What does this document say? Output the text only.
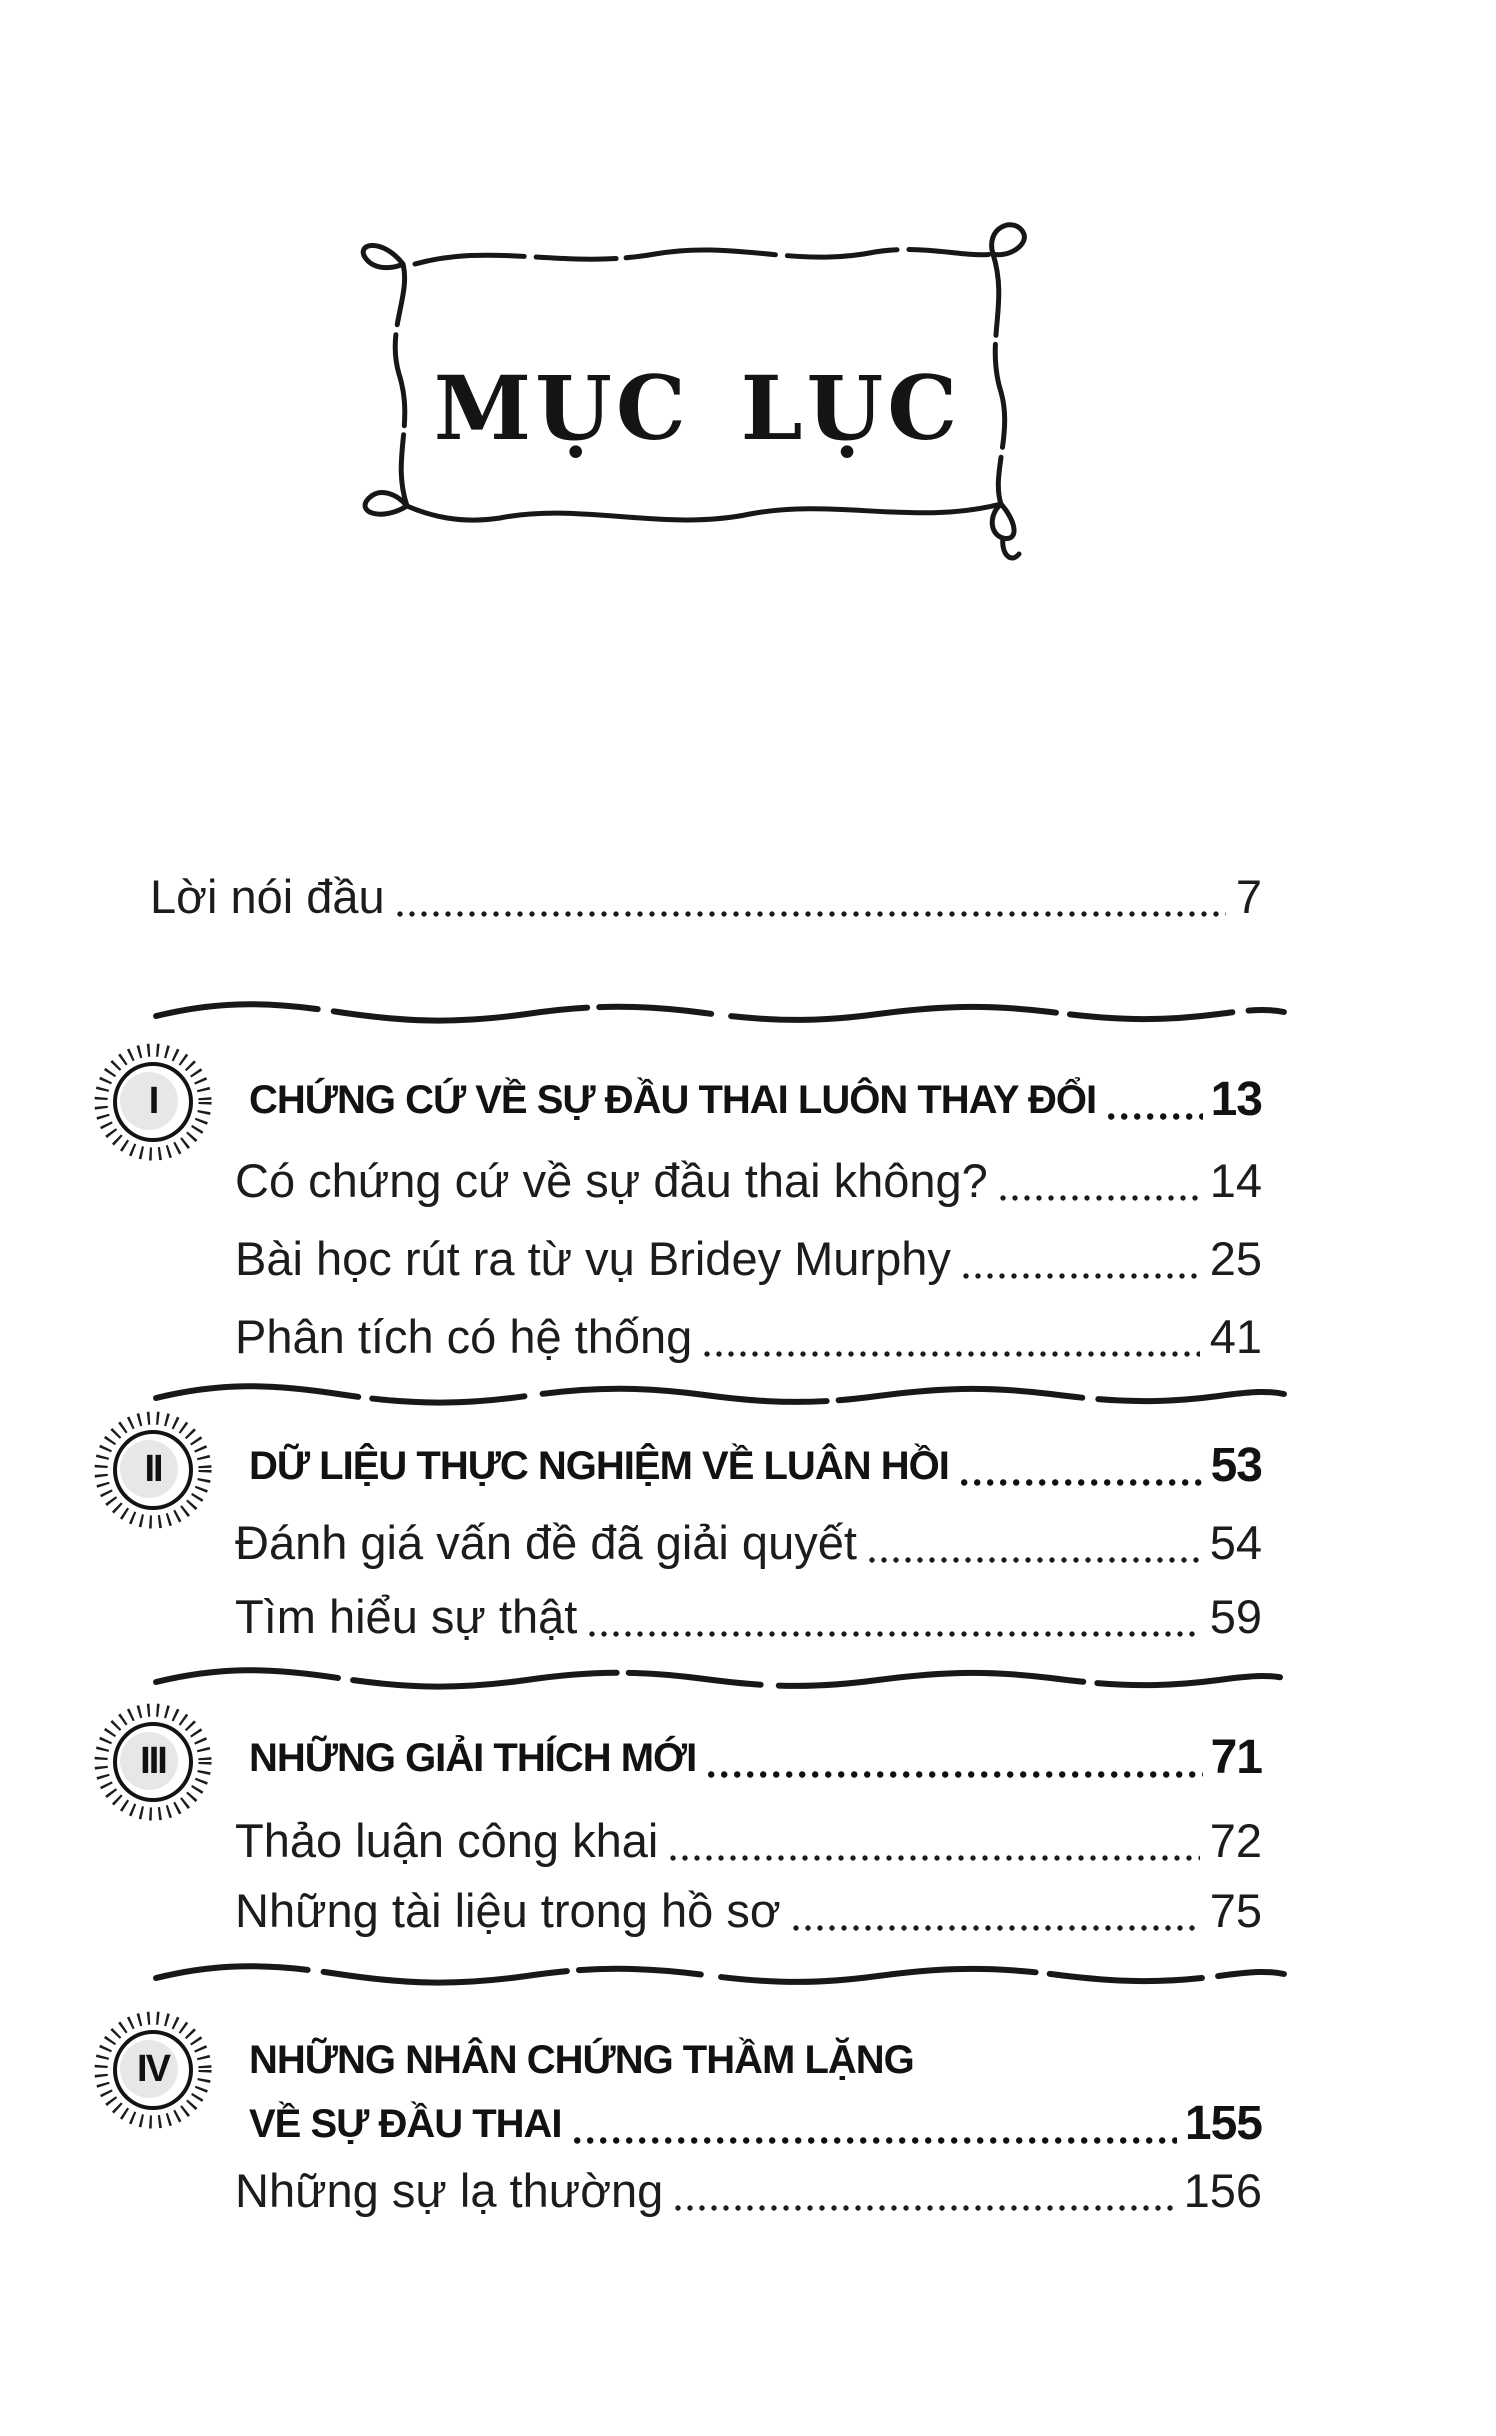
MỤC LỤC
Lời nói đầu	7
I	CHỨNG CỨ VỀ SỰ ĐẦU THAI LUÔN THAY ĐỔI 13
Có chứng cứ về sự đầu thai không?	14
Bài học rút ra từ vụ Bridey Murphy	25
Phân tích có hệ thống	41
II	DỮ LIỆU THỰC NGHIỆM VỀ LUÂN HỒI	53
Đánh giá vấn đề đã giải quyết	54
Tìm hiểu sự thật	59
III	NHỮNG GIẢI THÍCH MỚI	71
Thảo luận công khai	72
Những tài liệu trong hồ sơ	75
IV	NHỮNG NHÂN CHỨNG THẦM LẶNG
VỀ SỰ ĐẦU THAI	155
Những sự lạ thường	156
